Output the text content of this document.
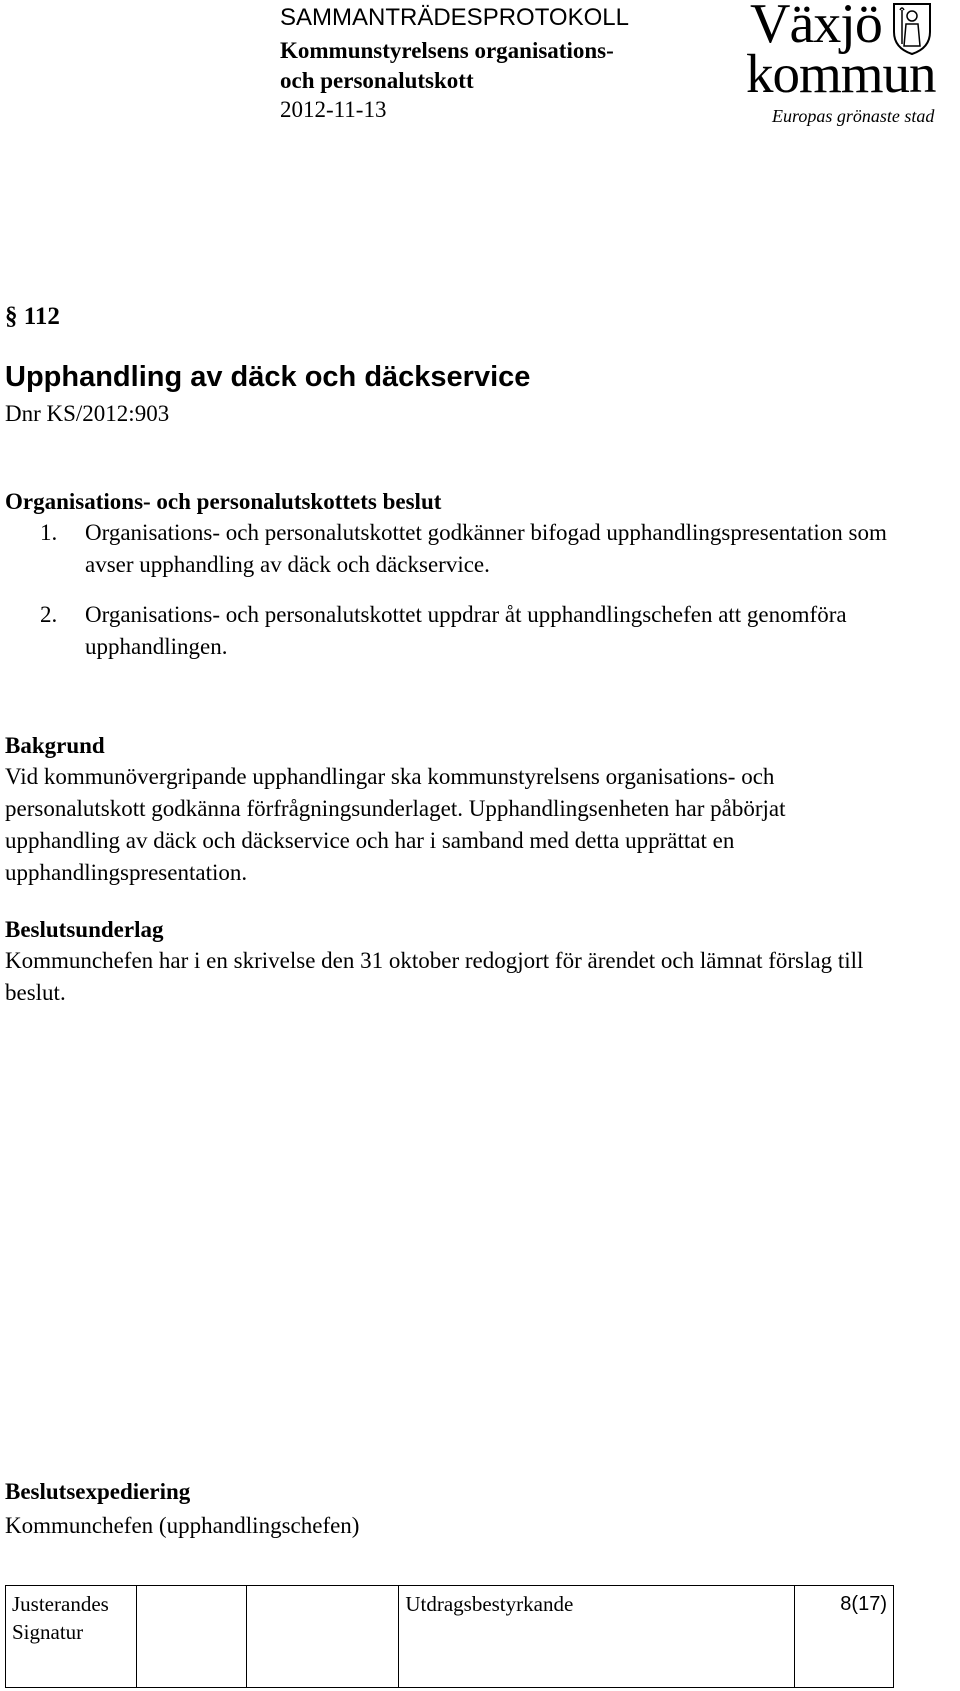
SAMMANTRÄDESPROTOKOLL
Kommunstyrelsens organisations-
och personalutskott
2012-11-13
Växjö
kommun
Europas grönaste stad
§ 112
Upphandling av däck och däckservice
Dnr KS/2012:903
Organisations- och personalutskottets beslut
1. Organisations- och personalutskottet godkänner bifogad upphandlingspresentation som avser upphandling av däck och däckservice.
2. Organisations- och personalutskottet uppdrar åt upphandlingschefen att genomföra upphandlingen.
Bakgrund
Vid kommunövergripande upphandlingar ska kommunstyrelsens organisations- och personalutskott godkänna förfrågningsunderlaget. Upphandlingsenheten har påbörjat upphandling av däck och däckservice och har i samband med detta upprättat en upphandlingspresentation.
Beslutsunderlag
Kommunchefen har i en skrivelse den 31 oktober redogjort för ärendet och lämnat förslag till beslut.
Beslutsexpediering
Kommunchefen (upphandlingschefen)
Justerandes
Signatur

Utdragsbestyrkande	8(17)
